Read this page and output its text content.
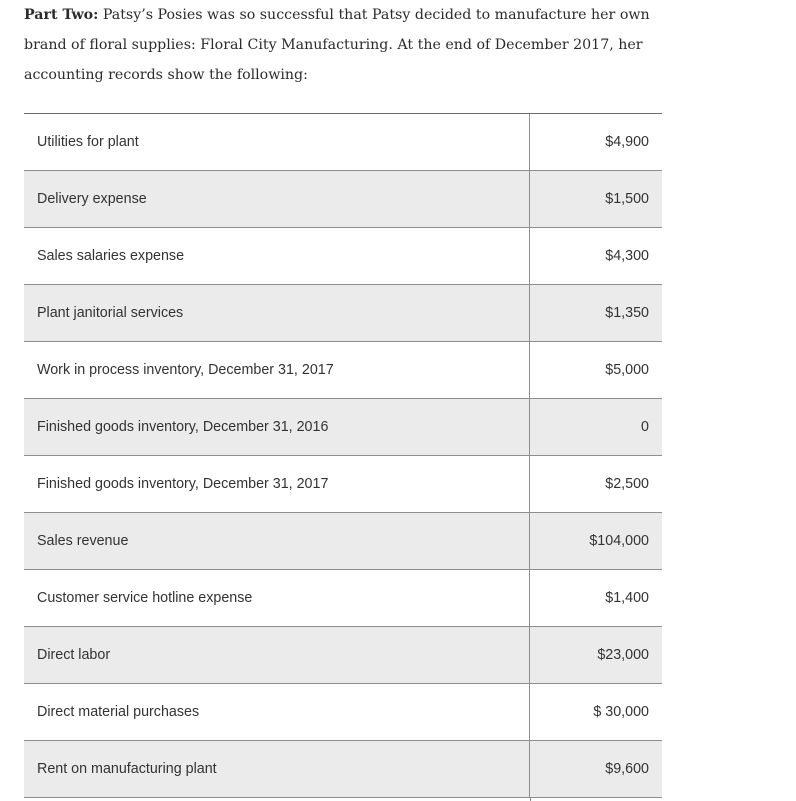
Part Two: Patsy’s Posies was so successful that Patsy decided to manufacture her own
brand of floral supplies: Floral City Manufacturing. At the end of December 2017, her
accounting records show the following:
Utilities for plant	$4,900
Delivery expense	$1,500
Sales salaries expense	$4,300
Plant janitorial services	$1,350
Work in process inventory, December 31, 2017	$5,000
Finished goods inventory, December 31, 2016	0
Finished goods inventory, December 31, 2017	$2,500
Sales revenue	$104,000
Customer service hotline expense	$1,400
Direct labor	$23,000
Direct material purchases	$ 30,000
Rent on manufacturing plant	$9,600
